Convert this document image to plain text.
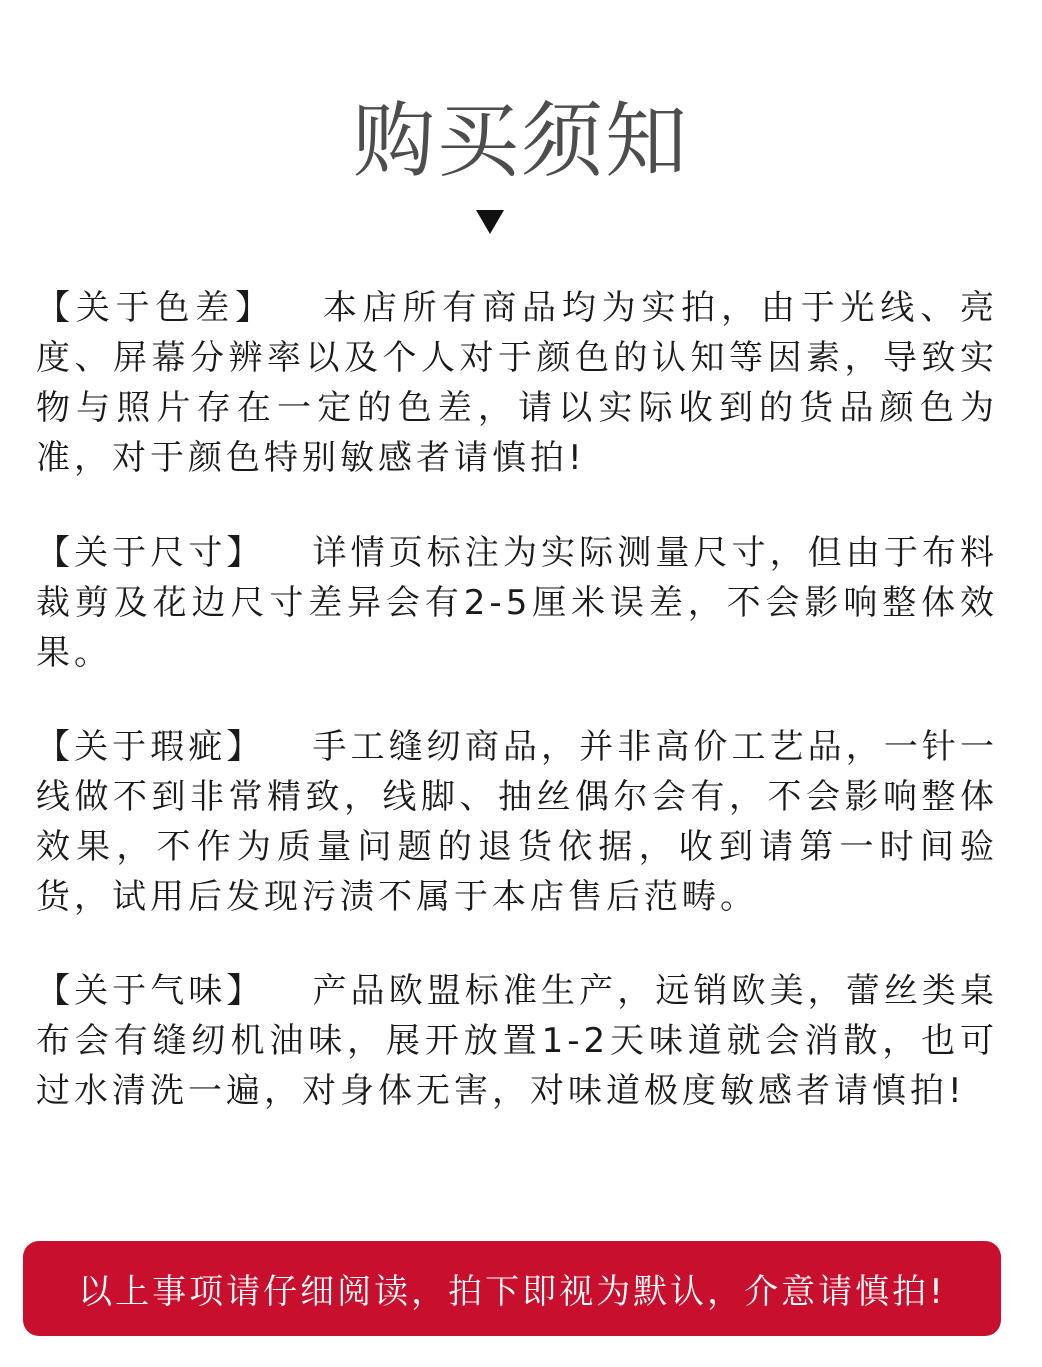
购买须知

【关于色差】 本店所有商品均为实拍，由于光线、亮度、屏幕分辨率以及个人对于颜色的认知等因素，导致实物与照片存在一定的色差，请以实际收到的货品颜色为准，对于颜色特别敏感者请慎拍!

【关于尺寸】 详情页标注为实际测量尺寸，但由于布料裁剪及花边尺寸差异会有2-5厘米误差，不会影响整体效果。

【关于瑕疵】 手工缝纫商品，并非高价工艺品，一针一线做不到非常精致，线脚、抽丝偶尔会有，不会影响整体效果，不作为质量问题的退货依据，收到请第一时间验货，试用后发现污渍不属于本店售后范畴。

【关于气味】 产品欧盟标准生产，远销欧美，蕾丝类桌布会有缝纫机油味，展开放置1-2天味道就会消散，也可过水清洗一遍，对身体无害，对味道极度敏感者请慎拍!

以上事项请仔细阅读，拍下即视为默认，介意请慎拍!
